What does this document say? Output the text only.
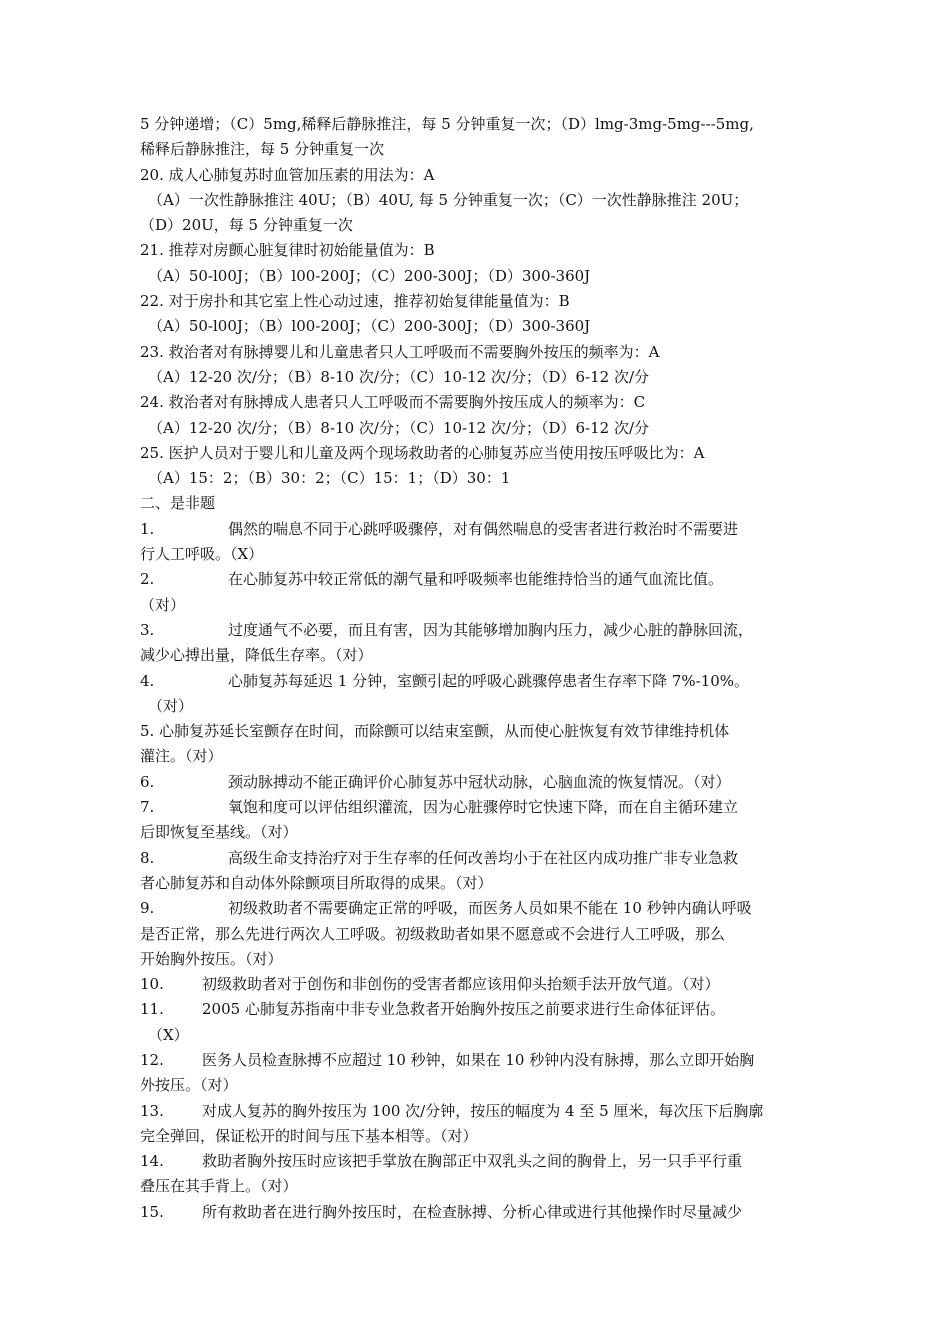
5 分钟递增；（C）5mg,稀释后静脉推注，每 5 分钟重复一次；（D）lmg-3mg-5mg---5mg,
稀释后静脉推注，每 5 分钟重复一次
20. 成人心肺复苏时血管加压素的用法为：A
（A）一次性静脉推注 40U；（B）40U, 每 5 分钟重复一次；（C）一次性静脉推注 20U；
（D）20U，每 5 分钟重复一次
21. 推荐对房颤心脏复律时初始能量值为：B
（A）50-l00J；（B）l00-200J；（C）200-300J；（D）300-360J
22. 对于房扑和其它室上性心动过速，推荐初始复律能量值为：B
（A）50-l00J；（B）l00-200J；（C）200-300J；（D）300-360J
23. 救治者对有脉搏婴儿和儿童患者只人工呼吸而不需要胸外按压的频率为：A
（A）12-20 次/分；（B）8-10 次/分；（C）10-12 次/分；（D）6-12 次/分
24. 救治者对有脉搏成人患者只人工呼吸而不需要胸外按压成人的频率为：C
（A）12-20 次/分；（B）8-10 次/分；（C）10-12 次/分；（D）6-12 次/分
25. 医护人员对于婴儿和儿童及两个现场救助者的心肺复苏应当使用按压呼吸比为：A
（A）15：2；（B）30：2；（C）15：1；（D）30：1
二、是非题
1.	偶然的喘息不同于心跳呼吸骤停，对有偶然喘息的受害者进行救治时不需要进
行人工呼吸。（X）
2.	在心肺复苏中较正常低的潮气量和呼吸频率也能维持恰当的通气血流比值。
（对）
3.	过度通气不必要，而且有害，因为其能够增加胸内压力，减少心脏的静脉回流，
减少心搏出量，降低生存率。（对）
4.	心肺复苏每延迟 1 分钟，室颤引起的呼吸心跳骤停患者生存率下降 7%-10%。
（对）
5. 心肺复苏延长室颤存在时间，而除颤可以结束室颤，从而使心脏恢复有效节律维持机体
灌注。（对）
6.	颈动脉搏动不能正确评价心肺复苏中冠状动脉，心脑血流的恢复情况。（对）
7.	氧饱和度可以评估组织灌流，因为心脏骤停时它快速下降，而在自主循环建立
后即恢复至基线。（对）
8.	高级生命支持治疗对于生存率的任何改善均小于在社区内成功推广非专业急救
者心肺复苏和自动体外除颤项目所取得的成果。（对）
9.	初级救助者不需要确定正常的呼吸，而医务人员如果不能在 10 秒钟内确认呼吸
是否正常，那么先进行两次人工呼吸。初级救助者如果不愿意或不会进行人工呼吸，那么
开始胸外按压。（对）
10.	初级救助者对于创伤和非创伤的受害者都应该用仰头抬颏手法开放气道。（对）
11.	2005 心肺复苏指南中非专业急救者开始胸外按压之前要求进行生命体征评估。
（X）
12.	医务人员检查脉搏不应超过 10 秒钟，如果在 10 秒钟内没有脉搏，那么立即开始胸
外按压。（对）
13.	对成人复苏的胸外按压为 100 次/分钟，按压的幅度为 4 至 5 厘米，每次压下后胸廓
完全弹回，保证松开的时间与压下基本相等。（对）
14.	救助者胸外按压时应该把手掌放在胸部正中双乳头之间的胸骨上，另一只手平行重
叠压在其手背上。（对）
15.	所有救助者在进行胸外按压时，在检查脉搏、分析心律或进行其他操作时尽量减少
